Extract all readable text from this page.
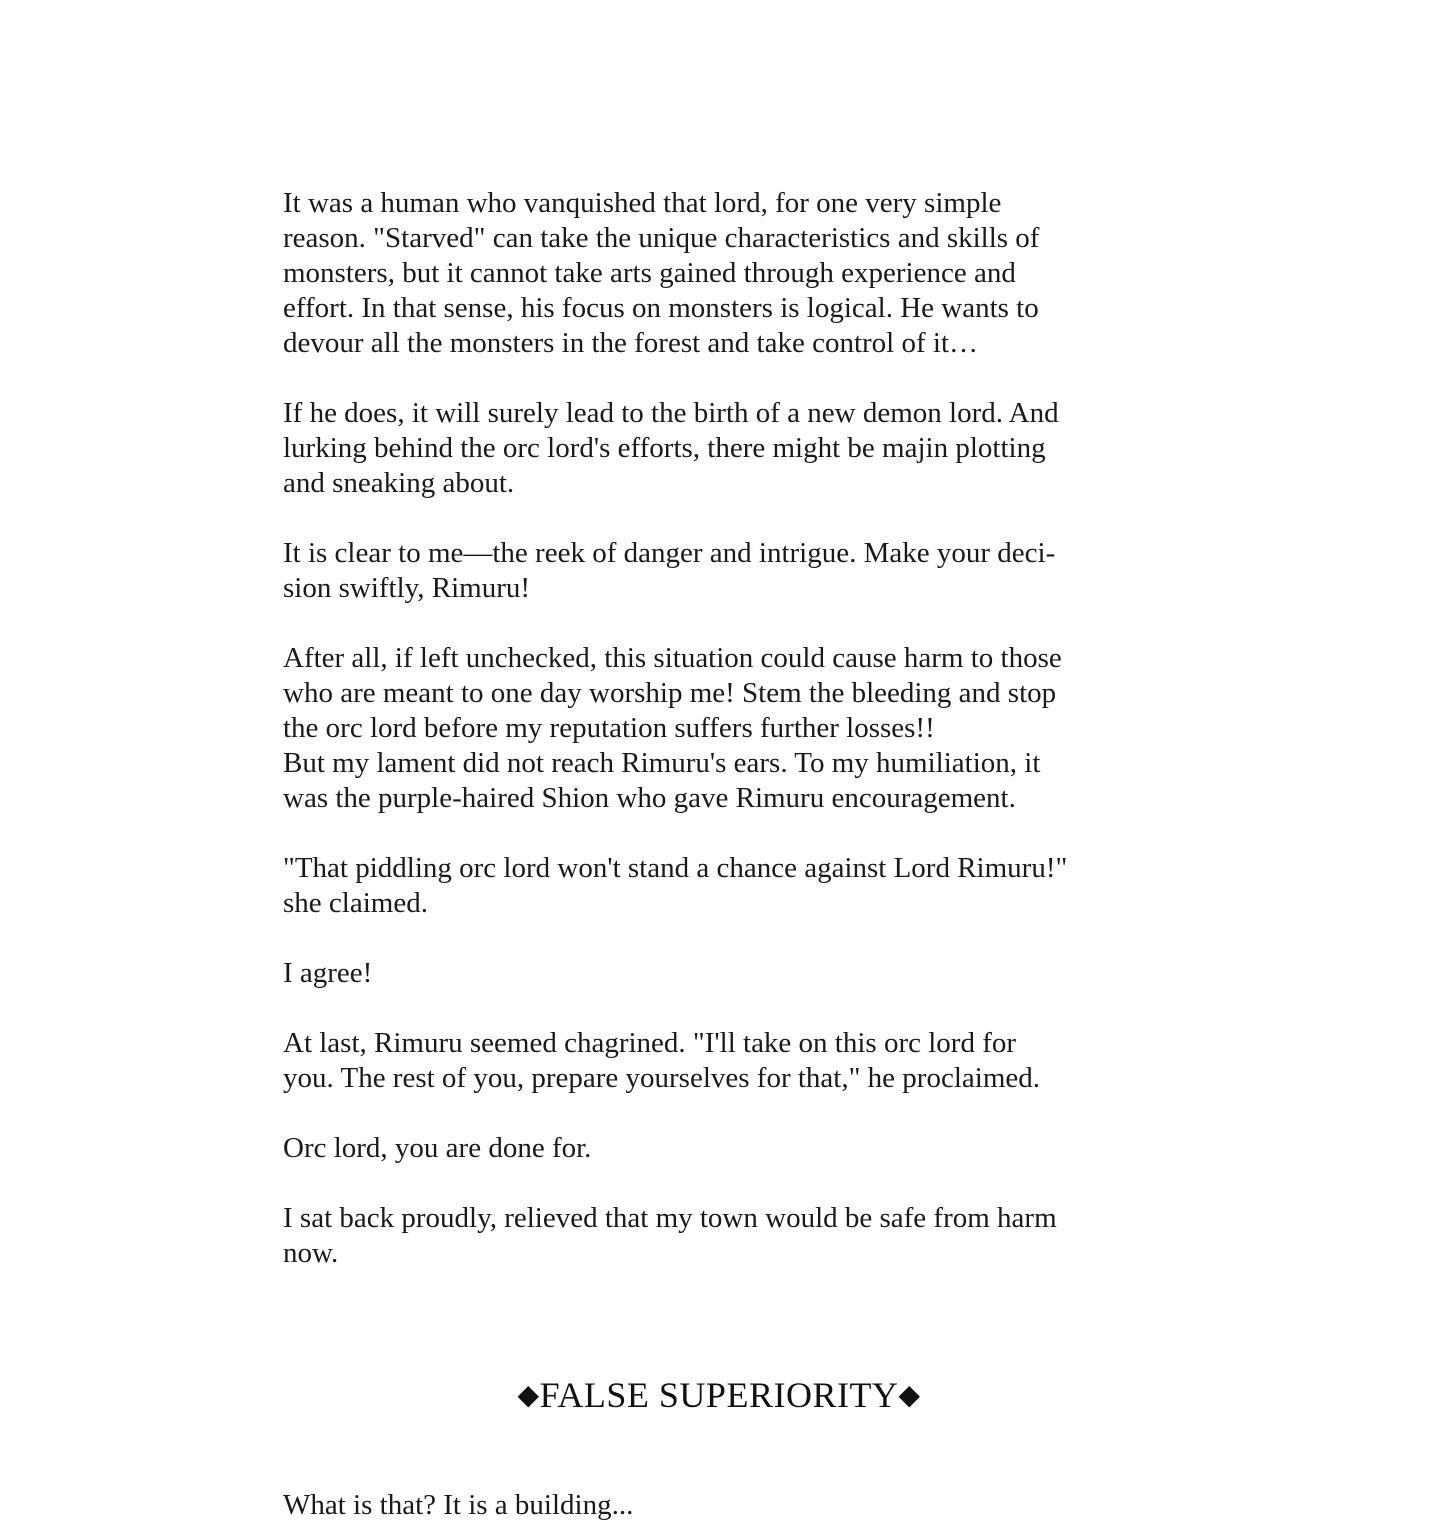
It was a human who vanquished that lord, for one very simple
reason. "Starved" can take the unique characteristics and skills of
monsters, but it cannot take arts gained through experience and
effort. In that sense, his focus on monsters is logical. He wants to
devour all the monsters in the forest and take control of it…

If he does, it will surely lead to the birth of a new demon lord. And
lurking behind the orc lord's efforts, there might be majin plotting
and sneaking about.

It is clear to me—the reek of danger and intrigue. Make your deci-
sion swiftly, Rimuru!

After all, if left unchecked, this situation could cause harm to those
who are meant to one day worship me! Stem the bleeding and stop
the orc lord before my reputation suffers further losses!!

But my lament did not reach Rimuru's ears. To my humiliation, it
was the purple-haired Shion who gave Rimuru encouragement.

"That piddling orc lord won't stand a chance against Lord Rimuru!"
she claimed.

I agree!

At last, Rimuru seemed chagrined. "I'll take on this orc lord for
you. The rest of you, prepare yourselves for that," he proclaimed.

Orc lord, you are done for.

I sat back proudly, relieved that my town would be safe from harm
now.

◆FALSE SUPERIORITY◆
What is that? It is a building...
